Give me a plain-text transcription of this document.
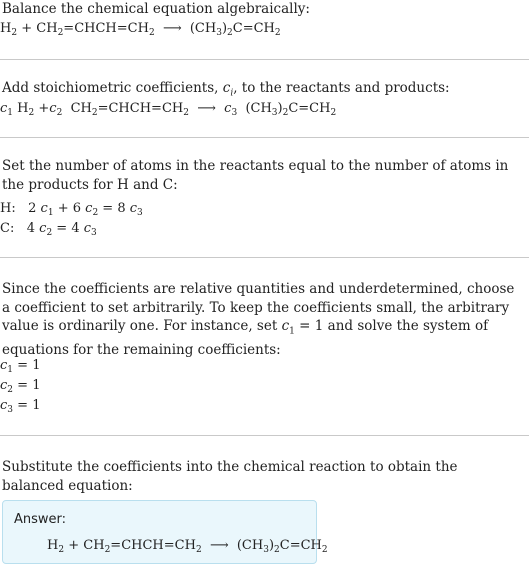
Balance the chemical equation algebraically:
$H_2$ + $CH_2=CHCH=CH_2$ ⟶ $(CH_3)_2C=CH_2$
Add stoichiometric coefficients, $c_i$, to the reactants and products:
$c_1$ $H_2 +c_2$ $CH_2=CHCH=CH_2$ ⟶ $c_3$ $(CH_3)_2C=CH_2$
Set the number of atoms in the reactants equal to the number of atoms in the products for H and C:
H: 2 $c_1 + 6$ $c_2 = 8$ $c_3$
C: 4 $c_2 = 4$ $c_3$
Since the coefficients are relative quantities and underdetermined, choose a coefficient to set arbitrarily. To keep the coefficients small, the arbitrary value is ordinarily one. For instance, set $c_1 = 1$ and solve the system of equations for the remaining coefficients:
$c_1 = 1$
$c_2 = 1$
$c_3 = 1$
Substitute the coefficients into the chemical reaction to obtain the balanced equation:
Answer:
$H_2$ + $CH_2=CHCH=CH_2$ ⟶ $(CH_3)_2C=CH_2$
